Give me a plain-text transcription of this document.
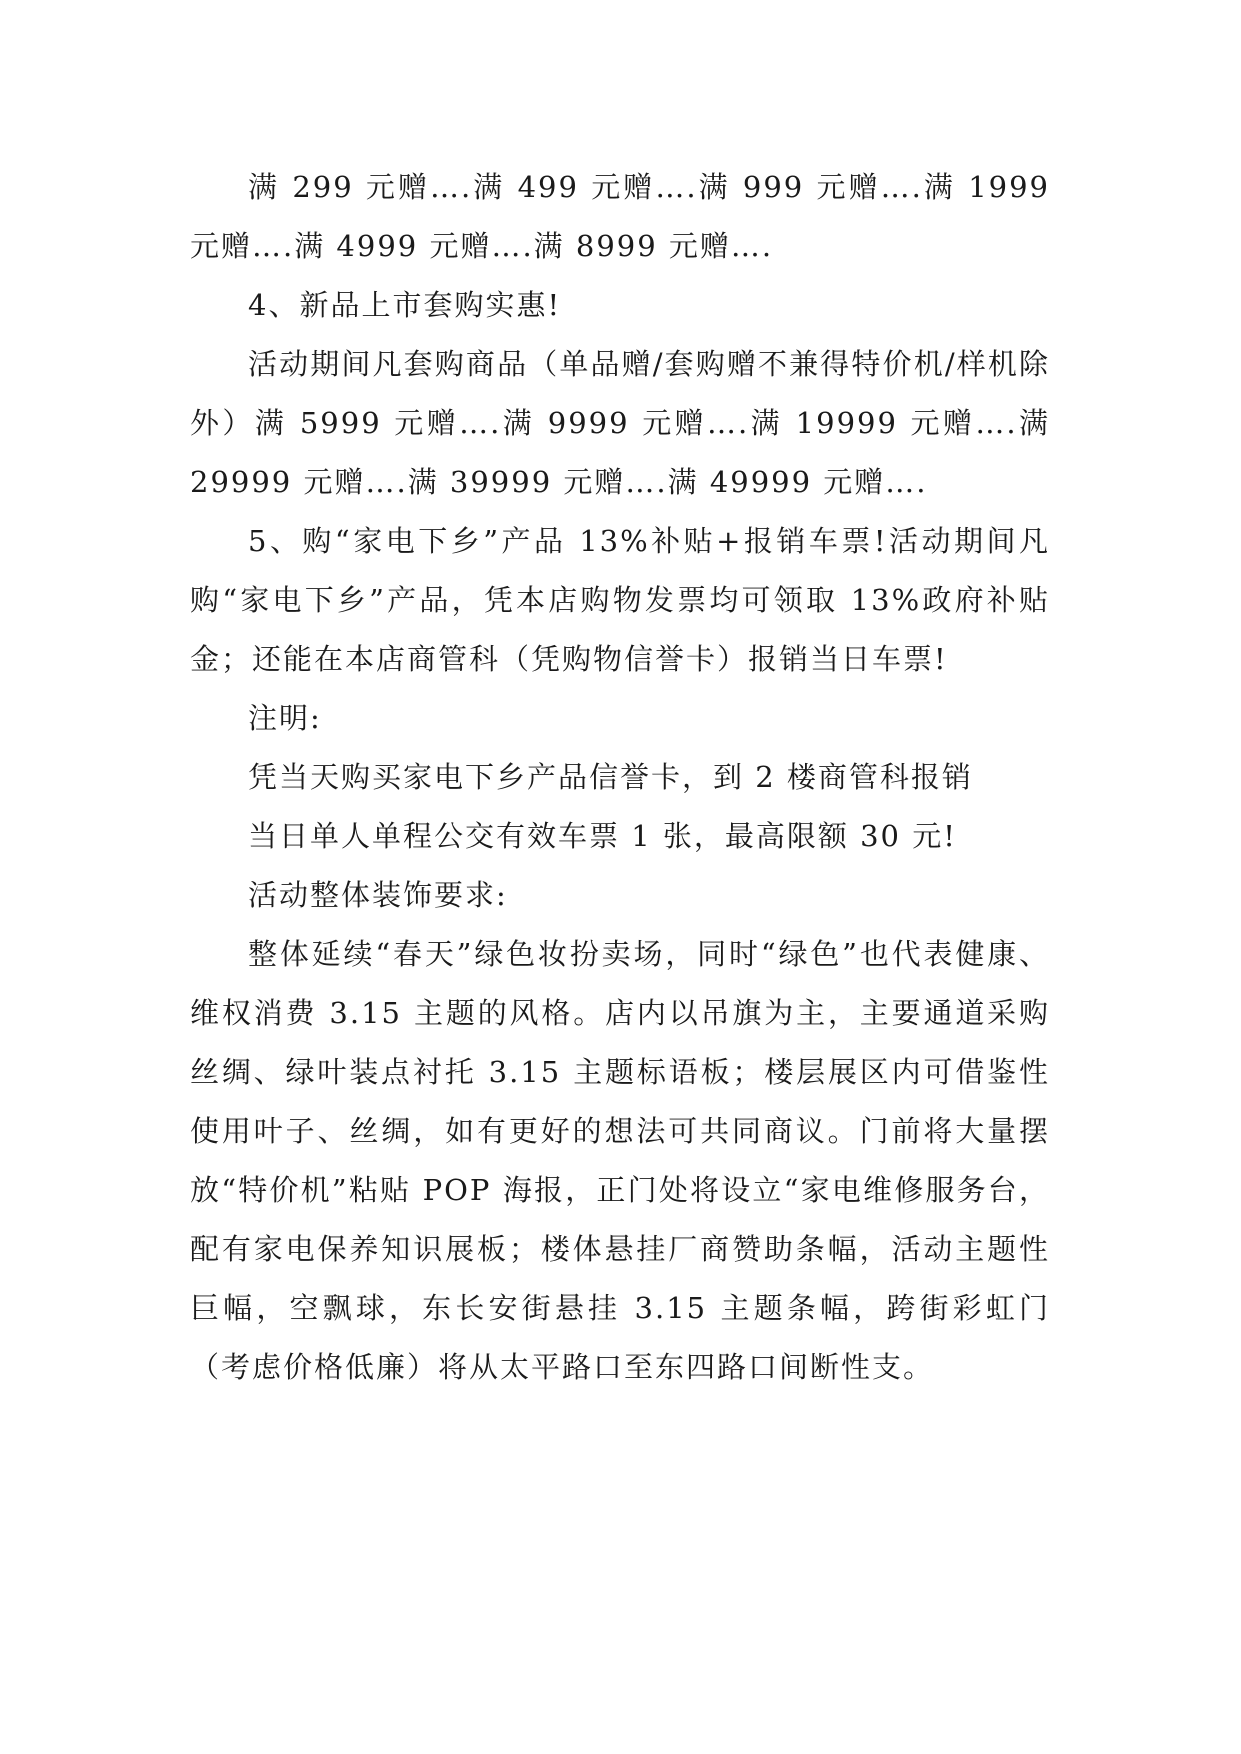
满 299 元赠….满 499 元赠….满 999 元赠….满 1999 元赠….满 4999 元赠….满 8999 元赠….

4、新品上市套购实惠!

活动期间凡套购商品（单品赠/套购赠不兼得特价机/样机除外）满 5999 元赠….满 9999 元赠….满 19999 元赠….满 29999 元赠….满 39999 元赠….满 49999 元赠….

5、购“家电下乡”产品 13%补贴+报销车票!活动期间凡购“家电下乡”产品，凭本店购物发票均可领取 13%政府补贴金；还能在本店商管科（凭购物信誉卡）报销当日车票!

注明:

凭当天购买家电下乡产品信誉卡，到 2 楼商管科报销

当日单人单程公交有效车票 1 张，最高限额 30 元!

活动整体装饰要求:

整体延续“春天”绿色妆扮卖场，同时“绿色”也代表健康、维权消费 3.15 主题的风格。店内以吊旗为主，主要通道采购丝绸、绿叶装点衬托 3.15 主题标语板；楼层展区内可借鉴性使用叶子、丝绸，如有更好的想法可共同商议。门前将大量摆放“特价机”粘贴 POP 海报，正门处将设立“家电维修服务台，配有家电保养知识展板；楼体悬挂厂商赞助条幅，活动主题性巨幅，空飘球，东长安街悬挂 3.15 主题条幅，跨街彩虹门（考虑价格低廉）将从太平路口至东四路口间断性支。
